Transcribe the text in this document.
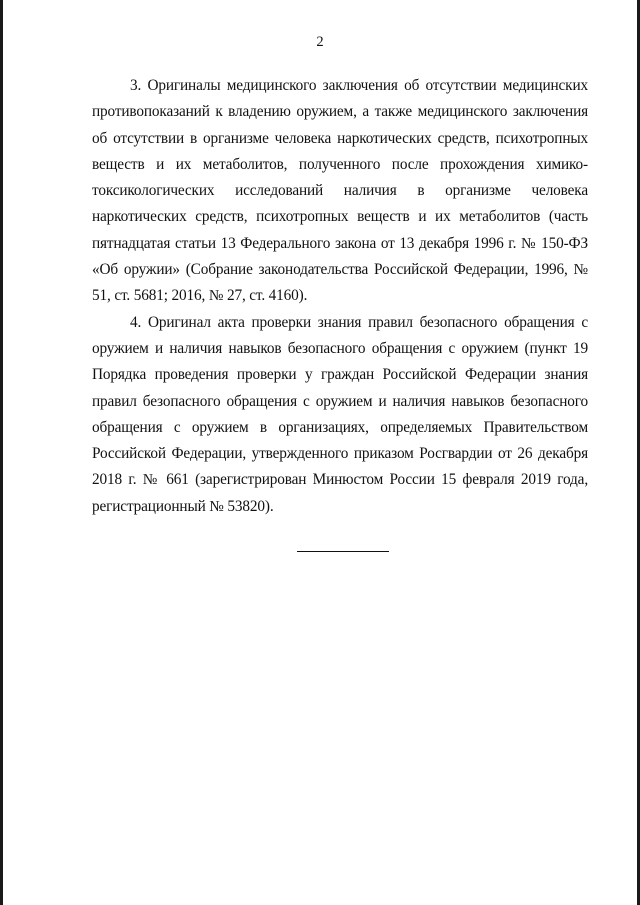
2

3. Оригиналы медицинского заключения об отсутствии медицинских противопоказаний к владению оружием, а также медицинского заключения об отсутствии в организме человека наркотических средств, психотропных веществ и их метаболитов, полученного после прохождения химико-токсикологических исследований наличия в организме человека наркотических средств, психотропных веществ и их метаболитов (часть пятнадцатая статьи 13 Федерального закона от 13 декабря 1996 г. № 150-ФЗ «Об оружии» (Собрание законодательства Российской Федерации, 1996, № 51, ст. 5681; 2016, № 27, ст. 4160).

4. Оригинал акта проверки знания правил безопасного обращения с оружием и наличия навыков безопасного обращения с оружием (пункт 19 Порядка проведения проверки у граждан Российской Федерации знания правил безопасного обращения с оружием и наличия навыков безопасного обращения с оружием в организациях, определяемых Правительством Российской Федерации, утвержденного приказом Росгвардии от 26 декабря 2018 г. № 661 (зарегистрирован Минюстом России 15 февраля 2019 года, регистрационный № 53820).
